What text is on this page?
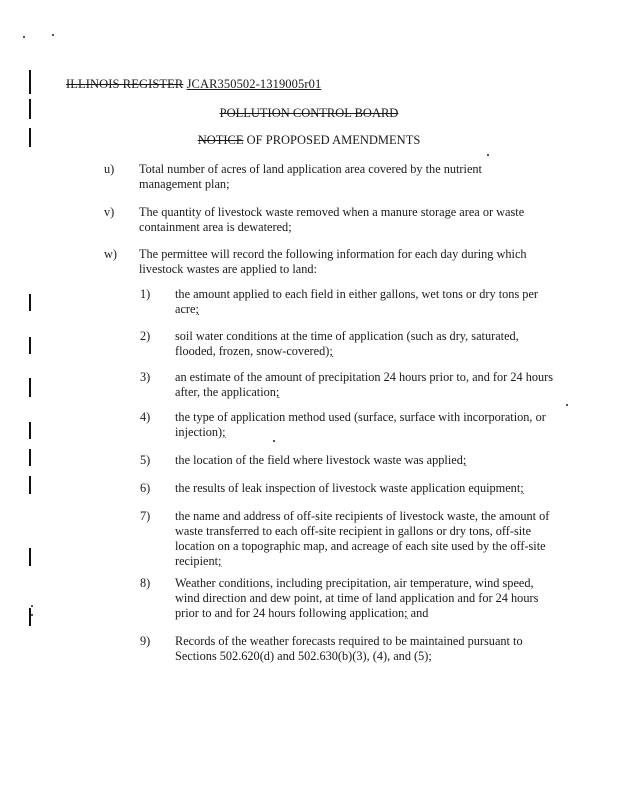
ILLINOIS REGISTER JCAR350502-1319005r01
POLLUTION CONTROL BOARD
NOTICE OF PROPOSED AMENDMENTS
u) Total number of acres of land application area covered by the nutrient management plan;
v) The quantity of livestock waste removed when a manure storage area or waste containment area is dewatered;
w) The permittee will record the following information for each day during which livestock wastes are applied to land:
1) the amount applied to each field in either gallons, wet tons or dry tons per acre;
2) soil water conditions at the time of application (such as dry, saturated, flooded, frozen, snow-covered);
3) an estimate of the amount of precipitation 24 hours prior to, and for 24 hours after, the application;
4) the type of application method used (surface, surface with incorporation, or injection);
5) the location of the field where livestock waste was applied;
6) the results of leak inspection of livestock waste application equipment;
7) the name and address of off-site recipients of livestock waste, the amount of waste transferred to each off-site recipient in gallons or dry tons, off-site location on a topographic map, and acreage of each site used by the off-site recipient;
8) Weather conditions, including precipitation, air temperature, wind speed, wind direction and dew point, at time of land application and for 24 hours prior to and for 24 hours following application; and
9) Records of the weather forecasts required to be maintained pursuant to Sections 502.620(d) and 502.630(b)(3), (4), and (5);
